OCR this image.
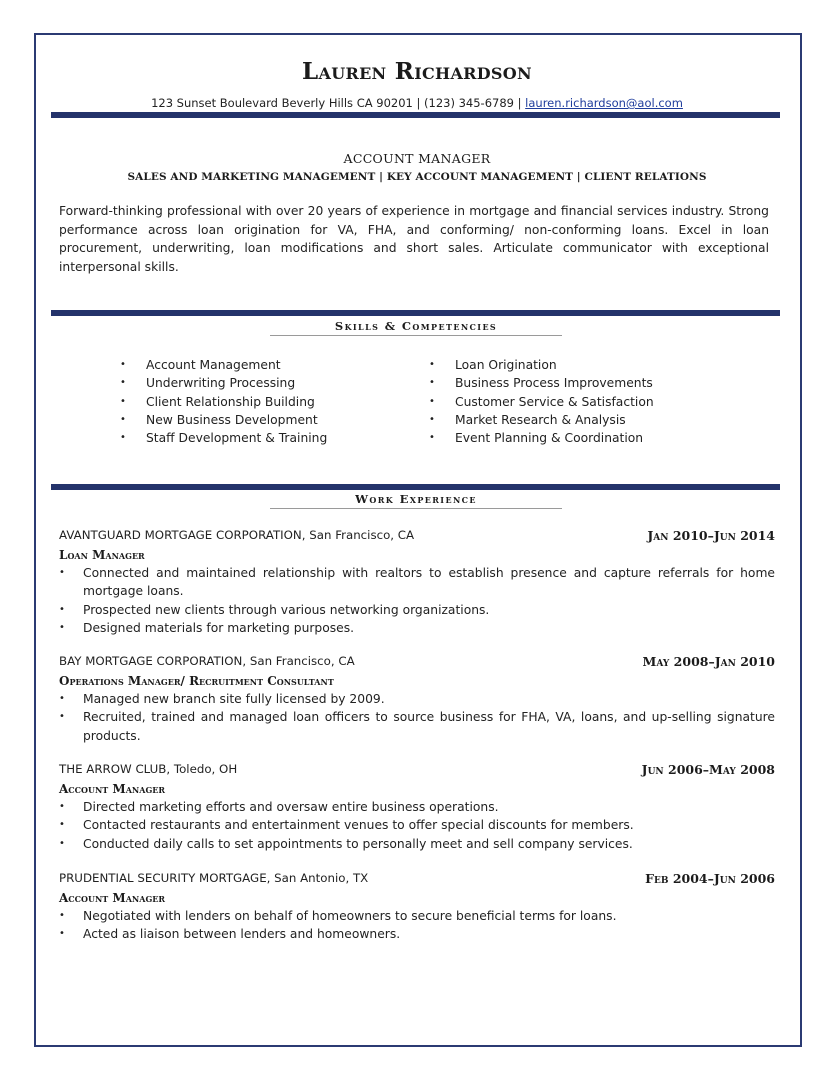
Lauren Richardson
123 Sunset Boulevard Beverly Hills CA 90201 | (123) 345-6789 | lauren.richardson@aol.com
ACCOUNT MANAGER
SALES AND MARKETING MANAGEMENT | KEY ACCOUNT MANAGEMENT | CLIENT RELATIONS
Forward-thinking professional with over 20 years of experience in mortgage and financial services industry. Strong performance across loan origination for VA, FHA, and conforming/ non-conforming loans. Excel in loan procurement, underwriting, loan modifications and short sales. Articulate communicator with exceptional interpersonal skills.
Skills & Competencies
• Account Management
• Underwriting Processing
• Client Relationship Building
• New Business Development
• Staff Development & Training
• Loan Origination
• Business Process Improvements
• Customer Service & Satisfaction
• Market Research & Analysis
• Event Planning & Coordination
Work Experience
AVANTGUARD MORTGAGE CORPORATION, San Francisco, CA	Jan 2010–Jun 2014
Loan Manager
• Connected and maintained relationship with realtors to establish presence and capture referrals for home mortgage loans.
• Prospected new clients through various networking organizations.
• Designed materials for marketing purposes.
BAY MORTGAGE CORPORATION, San Francisco, CA	May 2008–Jan 2010
Operations Manager/ Recruitment Consultant
• Managed new branch site fully licensed by 2009.
• Recruited, trained and managed loan officers to source business for FHA, VA, loans, and up-selling signature products.
THE ARROW CLUB, Toledo, OH	Jun 2006–May 2008
Account Manager
• Directed marketing efforts and oversaw entire business operations.
• Contacted restaurants and entertainment venues to offer special discounts for members.
• Conducted daily calls to set appointments to personally meet and sell company services.
PRUDENTIAL SECURITY MORTGAGE, San Antonio, TX	Feb 2004–Jun 2006
Account Manager
• Negotiated with lenders on behalf of homeowners to secure beneficial terms for loans.
• Acted as liaison between lenders and homeowners.
